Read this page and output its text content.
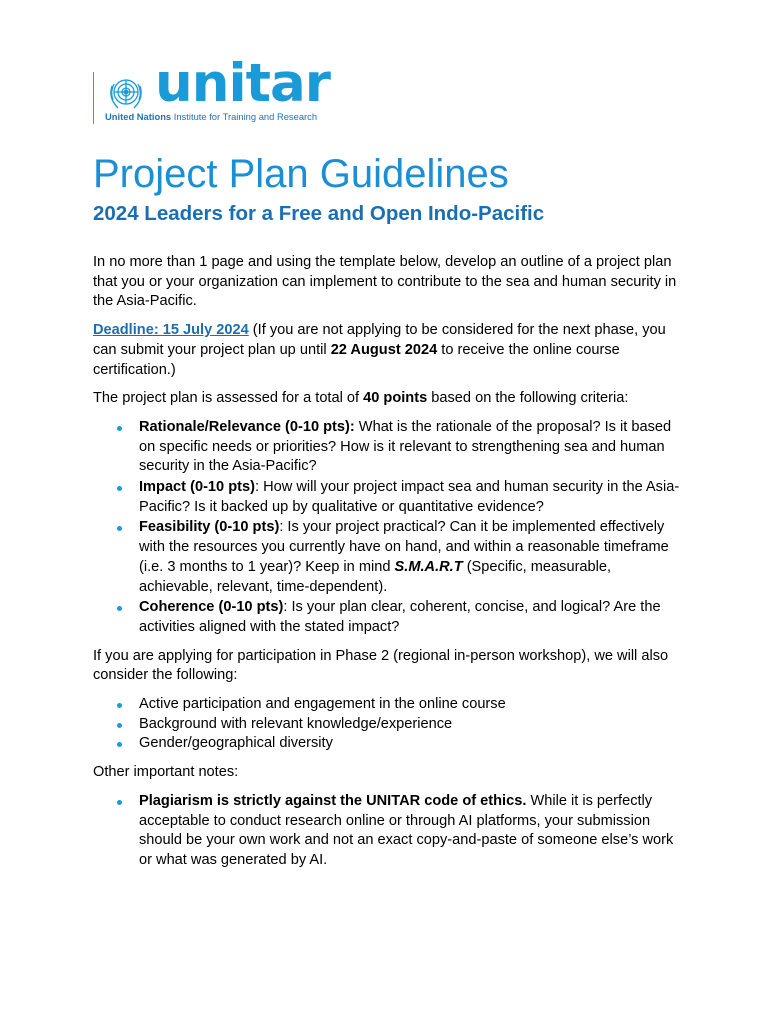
unitar
United Nations Institute for Training and Research
Project Plan Guidelines
2024 Leaders for a Free and Open Indo-Pacific

In no more than 1 page and using the template below, develop an outline of a project plan that you or your organization can implement to contribute to the sea and human security in the Asia-Pacific.

Deadline: 15 July 2024 (If you are not applying to be considered for the next phase, you can submit your project plan up until 22 August 2024 to receive the online course certification.)

The project plan is assessed for a total of 40 points based on the following criteria:

Rationale/Relevance (0-10 pts): What is the rationale of the proposal? Is it based on specific needs or priorities? How is it relevant to strengthening sea and human security in the Asia-Pacific?
Impact (0-10 pts): How will your project impact sea and human security in the Asia-Pacific? Is it backed up by qualitative or quantitative evidence?
Feasibility (0-10 pts): Is your project practical? Can it be implemented effectively with the resources you currently have on hand, and within a reasonable timeframe (i.e. 3 months to 1 year)? Keep in mind S.M.A.R.T (Specific, measurable, achievable, relevant, time-dependent).
Coherence (0-10 pts): Is your plan clear, coherent, concise, and logical? Are the activities aligned with the stated impact?

If you are applying for participation in Phase 2 (regional in-person workshop), we will also consider the following:

Active participation and engagement in the online course
Background with relevant knowledge/experience
Gender/geographical diversity

Other important notes:

Plagiarism is strictly against the UNITAR code of ethics. While it is perfectly acceptable to conduct research online or through AI platforms, your submission should be your own work and not an exact copy-and-paste of someone else’s work or what was generated by AI.
